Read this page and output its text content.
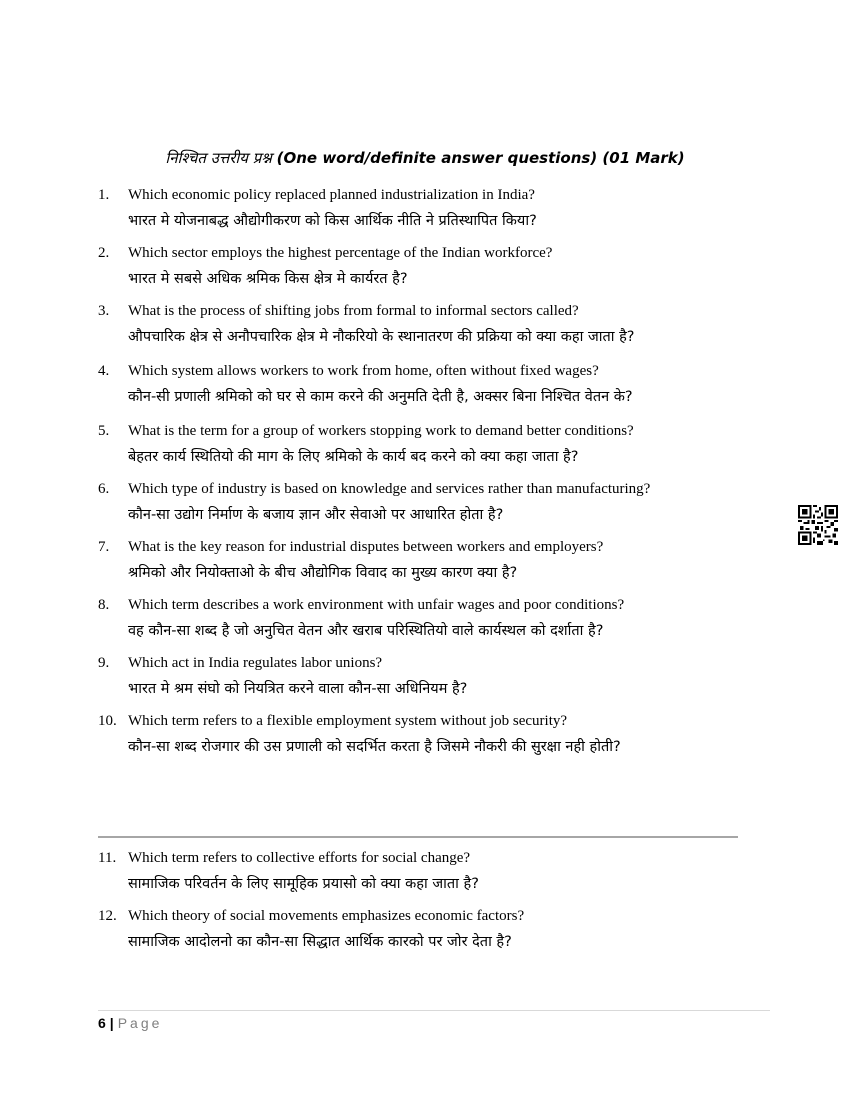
निश्चित उत्तरीय प्रश्न (One word/definite answer questions) (01 Mark)
1. Which economic policy replaced planned industrialization in India?
भारत मे योजनाबद्ध औद्योगीकरण को किस आर्थिक नीति ने प्रतिस्थापित किया?
2. Which sector employs the highest percentage of the Indian workforce?
भारत मे सबसे अधिक श्रमिक किस क्षेत्र मे कार्यरत है?
3. What is the process of shifting jobs from formal to informal sectors called?
औपचारिक क्षेत्र से अनौपचारिक क्षेत्र मे नौकरियो के स्थानातरण की प्रक्रिया को क्या कहा जाता है?
4. Which system allows workers to work from home, often without fixed wages?
कौन-सी प्रणाली श्रमिको को घर से काम करने की अनुमति देती है, अक्सर बिना निश्चित वेतन के?
5. What is the term for a group of workers stopping work to demand better conditions?
बेहतर कार्य स्थितियो की माग के लिए श्रमिको के कार्य बद करने को क्या कहा जाता है?
6. Which type of industry is based on knowledge and services rather than manufacturing?
कौन-सा उद्योग निर्माण के बजाय ज्ञान और सेवाओ पर आधारित होता है?
7. What is the key reason for industrial disputes between workers and employers?
श्रमिको और नियोक्ताओ के बीच औद्योगिक विवाद का मुख्य कारण क्या है?
8. Which term describes a work environment with unfair wages and poor conditions?
वह कौन-सा शब्द है जो अनुचित वेतन और खराब परिस्थितियो वाले कार्यस्थल को दर्शाता है?
9. Which act in India regulates labor unions?
भारत मे श्रम संघो को नियत्रित करने वाला कौन-सा अधिनियम है?
10. Which term refers to a flexible employment system without job security?
कौन-सा शब्द रोजगार की उस प्रणाली को सदर्भित करता है जिसमे नौकरी की सुरक्षा नही होती?
11. Which term refers to collective efforts for social change?
सामाजिक परिवर्तन के लिए सामूहिक प्रयासो को क्या कहा जाता है?
12. Which theory of social movements emphasizes economic factors?
सामाजिक आदोलनो का कौन-सा सिद्धात आर्थिक कारको पर जोर देता है?
6 | Page
